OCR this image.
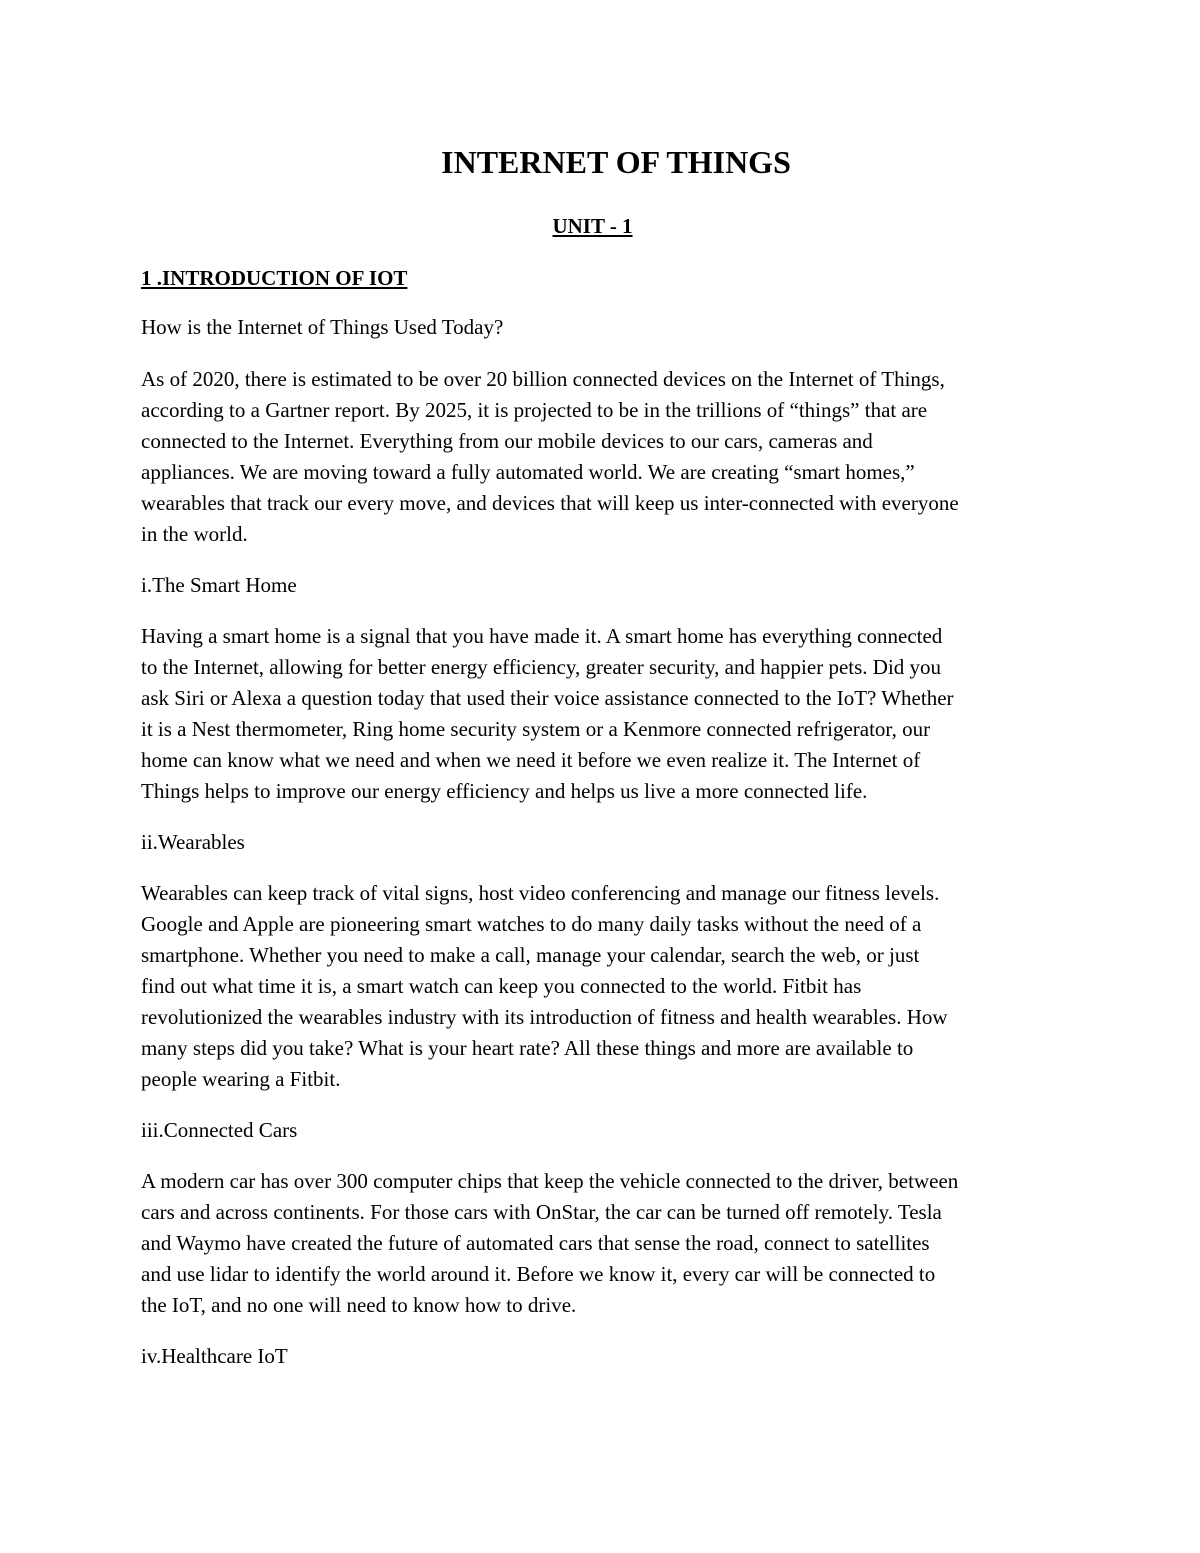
INTERNET OF THINGS
UNIT - 1
1 .INTRODUCTION OF IOT

How is the Internet of Things Used Today?

As of 2020, there is estimated to be over 20 billion connected devices on the Internet of Things,
according to a Gartner report. By 2025, it is projected to be in the trillions of “things” that are
connected to the Internet. Everything from our mobile devices to our cars, cameras and
appliances. We are moving toward a fully automated world. We are creating “smart homes,”
wearables that track our every move, and devices that will keep us inter-connected with everyone
in the world.

i.The Smart Home

Having a smart home is a signal that you have made it. A smart home has everything connected
to the Internet, allowing for better energy efficiency, greater security, and happier pets. Did you
ask Siri or Alexa a question today that used their voice assistance connected to the IoT? Whether
it is a Nest thermometer, Ring home security system or a Kenmore connected refrigerator, our
home can know what we need and when we need it before we even realize it. The Internet of
Things helps to improve our energy efficiency and helps us live a more connected life.

ii.Wearables

Wearables can keep track of vital signs, host video conferencing and manage our fitness levels.
Google and Apple are pioneering smart watches to do many daily tasks without the need of a
smartphone. Whether you need to make a call, manage your calendar, search the web, or just
find out what time it is, a smart watch can keep you connected to the world. Fitbit has
revolutionized the wearables industry with its introduction of fitness and health wearables. How
many steps did you take? What is your heart rate? All these things and more are available to
people wearing a Fitbit.

iii.Connected Cars

A modern car has over 300 computer chips that keep the vehicle connected to the driver, between
cars and across continents. For those cars with OnStar, the car can be turned off remotely. Tesla
and Waymo have created the future of automated cars that sense the road, connect to satellites
and use lidar to identify the world around it. Before we know it, every car will be connected to
the IoT, and no one will need to know how to drive.

iv.Healthcare IoT
